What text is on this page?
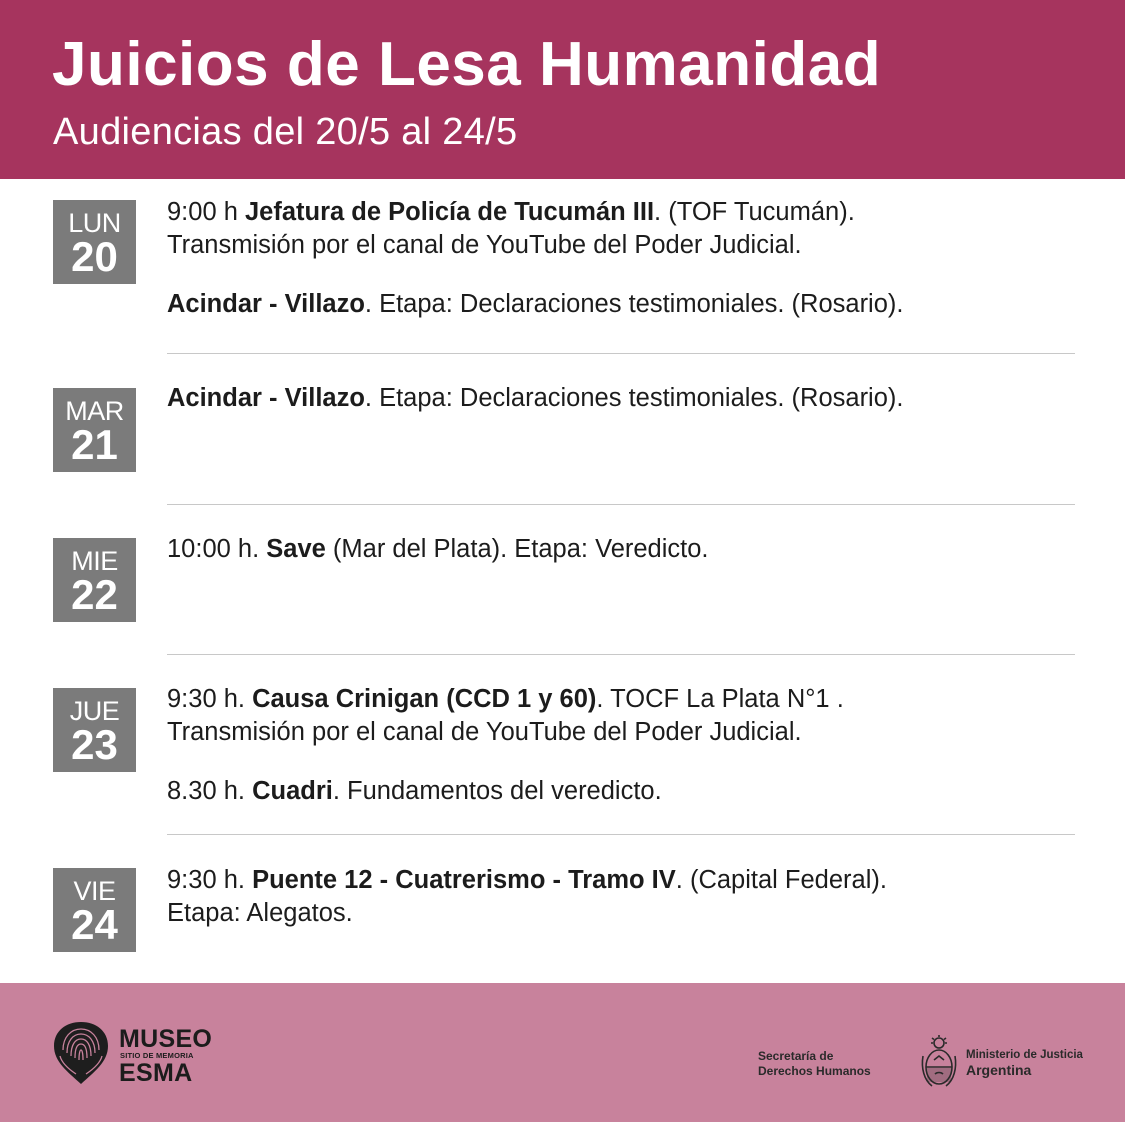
Juicios de Lesa Humanidad
Audiencias del 20/5 al 24/5
LUN
20
9:00 h Jefatura de Policía de Tucumán III. (TOF Tucumán).
Transmisión por el canal de YouTube del Poder Judicial.
Acindar - Villazo. Etapa: Declaraciones testimoniales. (Rosario).
MAR
21
Acindar - Villazo. Etapa: Declaraciones testimoniales. (Rosario).
MIE
22
10:00 h. Save (Mar del Plata). Etapa: Veredicto.
JUE
23
9:30 h. Causa Crinigan (CCD 1 y 60). TOCF La Plata N°1 .
Transmisión por el canal de YouTube del Poder Judicial.
8.30 h. Cuadri. Fundamentos del veredicto.
VIE
24
9:30 h. Puente 12 - Cuatrerismo - Tramo IV. (Capital Federal).
Etapa: Alegatos.
MUSEO
SITIO DE MEMORIA
ESMA
Secretaría de
Derechos Humanos
Ministerio de Justicia
Argentina
